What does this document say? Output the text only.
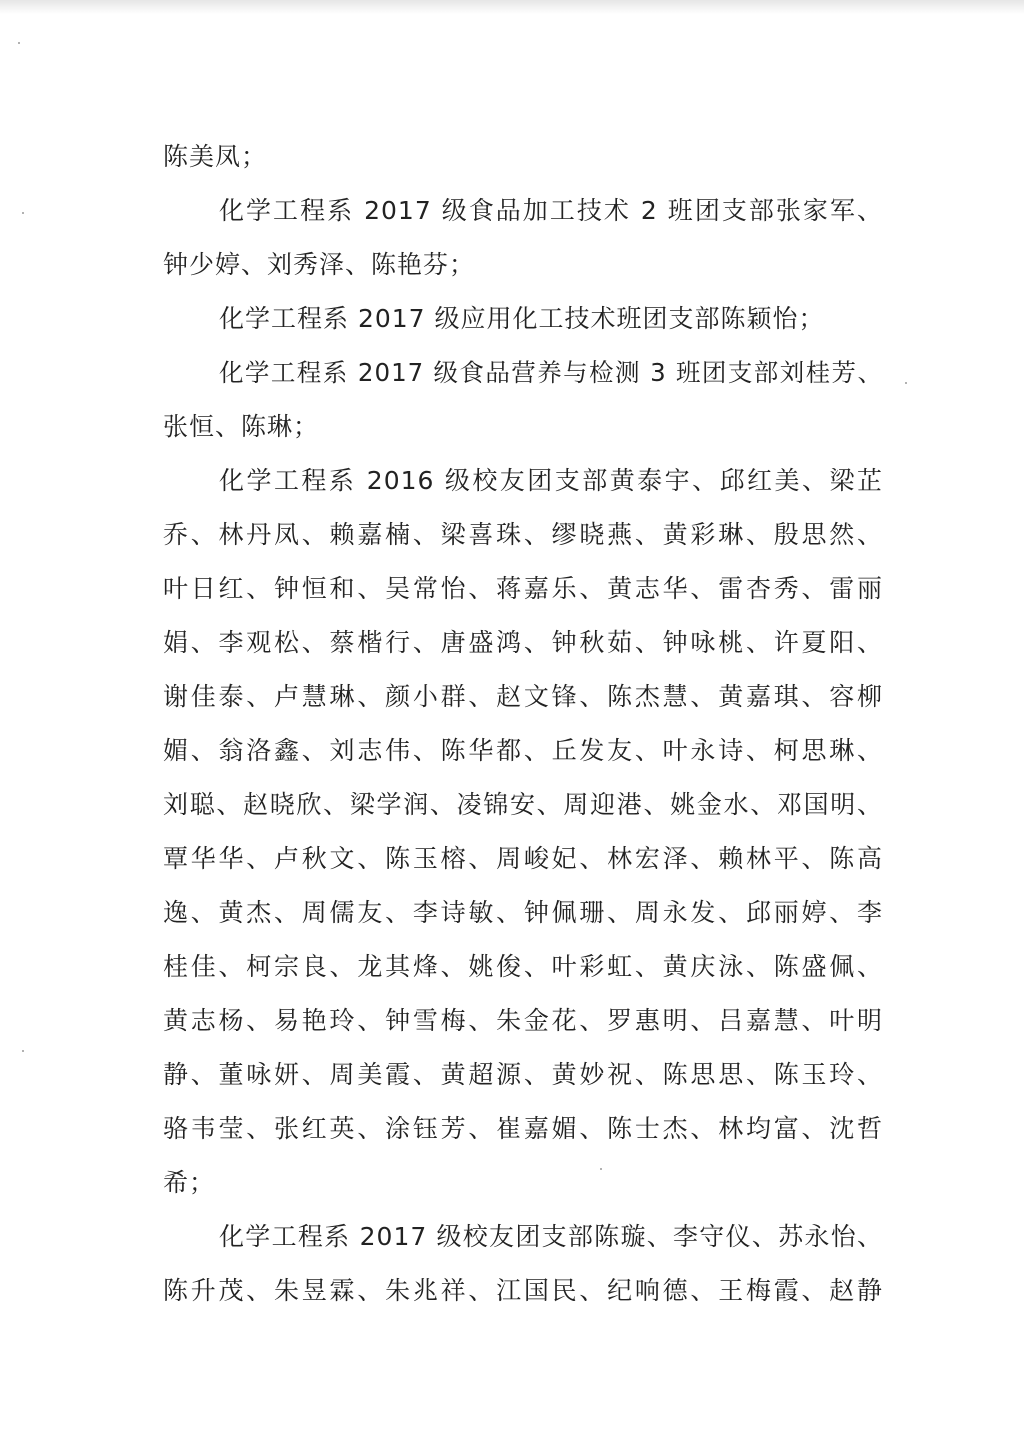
陈美凤；
化学工程系 2017 级食品加工技术 2 班团支部张家军、
钟少婷、刘秀泽、陈艳芬；
化学工程系 2017 级应用化工技术班团支部陈颖怡；
化学工程系 2017 级食品营养与检测 3 班团支部刘桂芳、
张恒、陈琳；
化学工程系 2016 级校友团支部黄泰宇、邱红美、梁芷
乔、林丹凤、赖嘉楠、梁喜珠、缪晓燕、黄彩琳、殷思然、
叶日红、钟恒和、吴常怡、蒋嘉乐、黄志华、雷杏秀、雷丽
娟、李观松、蔡楷行、唐盛鸿、钟秋茹、钟咏桃、许夏阳、
谢佳泰、卢慧琳、颜小群、赵文锋、陈杰慧、黄嘉琪、容柳
媚、翁洛鑫、刘志伟、陈华都、丘发友、叶永诗、柯思琳、
刘聪、赵晓欣、梁学润、凌锦安、周迎港、姚金水、邓国明、
覃华华、卢秋文、陈玉榕、周峻妃、林宏泽、赖林平、陈高
逸、黄杰、周儒友、李诗敏、钟佩珊、周永发、邱丽婷、李
桂佳、柯宗良、龙其烽、姚俊、叶彩虹、黄庆泳、陈盛佩、
黄志杨、易艳玲、钟雪梅、朱金花、罗惠明、吕嘉慧、叶明
静、董咏妍、周美霞、黄超源、黄妙祝、陈思思、陈玉玲、
骆韦莹、张红英、涂钰芳、崔嘉媚、陈士杰、林均富、沈哲
希；
化学工程系 2017 级校友团支部陈璇、李守仪、苏永怡、
陈升茂、朱昱霖、朱兆祥、江国民、纪响德、王梅霞、赵静
